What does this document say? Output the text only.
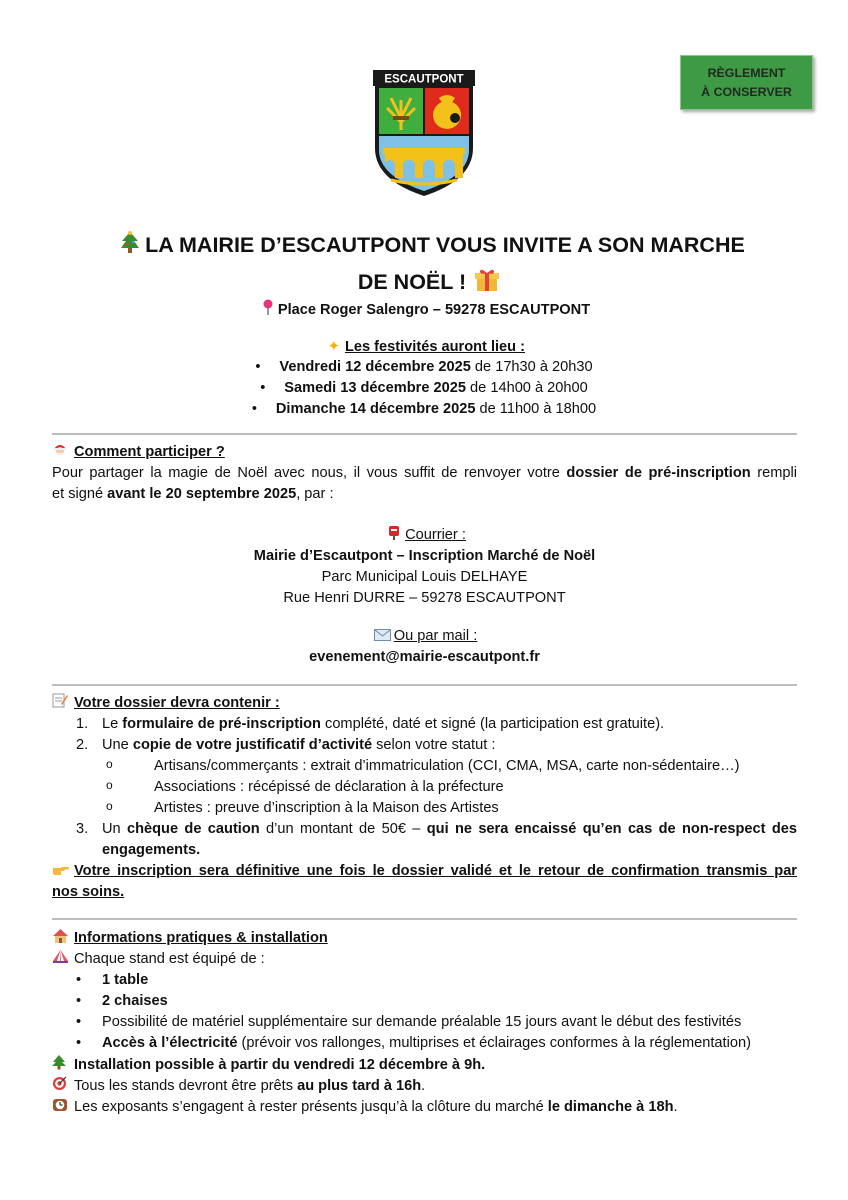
RÈGLEMENT
À CONSERVER
ESCAUTPONT
LA MAIRIE D’ESCAUTPONT VOUS INVITE A SON MARCHE
DE NOËL !
Place Roger Salengro – 59278 ESCAUTPONT
✦ Les festivités auront lieu :
• Vendredi 12 décembre 2025 de 17h30 à 20h30
• Samedi 13 décembre 2025 de 14h00 à 20h00
• Dimanche 14 décembre 2025 de 11h00 à 18h00
Comment participer ?
Pour partager la magie de Noël avec nous, il vous suffit de renvoyer votre dossier de pré-inscription rempli
et signé avant le 20 septembre 2025, par :
Courrier :
Mairie d’Escautpont – Inscription Marché de Noël
Parc Municipal Louis DELHAYE
Rue Henri DURRE – 59278 ESCAUTPONT
Ou par mail :
evenement@mairie-escautpont.fr
Votre dossier devra contenir :
1. Le formulaire de pré-inscription complété, daté et signé (la participation est gratuite).
2. Une copie de votre justificatif d’activité selon votre statut :
o	Artisans/commerçants : extrait d’immatriculation (CCI, CMA, MSA, carte non-sédentaire…)
o	Associations : récépissé de déclaration à la préfecture
o	Artistes : preuve d’inscription à la Maison des Artistes
3. Un chèque de caution d’un montant de 50€ – qui ne sera encaissé qu’en cas de non-respect des
engagements.
Votre inscription sera définitive une fois le dossier validé et le retour de confirmation transmis par
nos soins.
Informations pratiques & installation
Chaque stand est équipé de :
• 1 table
• 2 chaises
• Possibilité de matériel supplémentaire sur demande préalable 15 jours avant le début des festivités
• Accès à l’électricité (prévoir vos rallonges, multiprises et éclairages conformes à la réglementation)
Installation possible à partir du vendredi 12 décembre à 9h.
Tous les stands devront être prêts au plus tard à 16h.
Les exposants s’engagent à rester présents jusqu’à la clôture du marché le dimanche à 18h.
